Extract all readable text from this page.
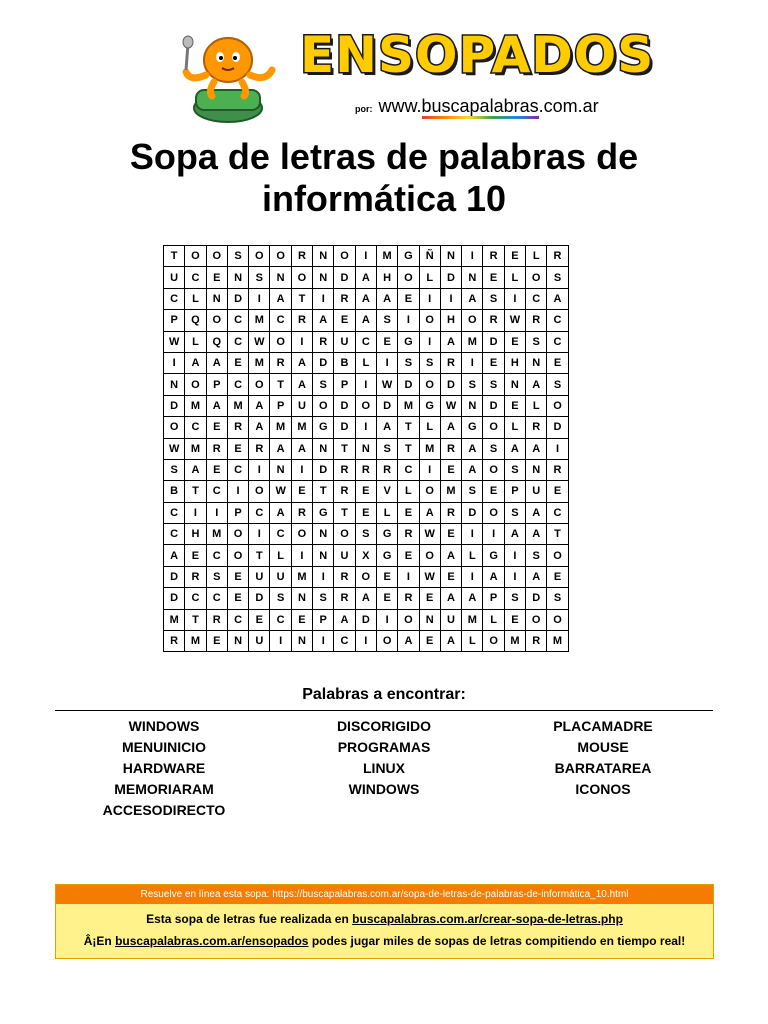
ENSOPADOS
por: www.buscapalabras.com.ar
Sopa de letras de palabras de
informática 10
T	O	O	S	O	O	R	N	O	I	M	G	Ñ	N	I	R	E	L	R
U	C	E	N	S	N	O	N	D	A	H	O	L	D	N	E	L	O	S
C	L	N	D	I	A	T	I	R	A	A	E	I	I	A	S	I	C	A
P	Q	O	C	M	C	R	A	E	A	S	I	O	H	O	R	W	R	C
W	L	Q	C	W	O	I	R	U	C	E	G	I	A	M	D	E	S	C
I	A	A	E	M	R	A	D	B	L	I	S	S	R	I	E	H	N	E
N	O	P	C	O	T	A	S	P	I	W	D	O	D	S	S	N	A	S
D	M	A	M	A	P	U	O	D	O	D	M	G	W	N	D	E	L	O
O	C	E	R	A	M	M	G	D	I	A	T	L	A	G	O	L	R	D
W	M	R	E	R	A	A	N	T	N	S	T	M	R	A	S	A	A	I
S	A	E	C	I	N	I	D	R	R	R	C	I	E	A	O	S	N	R
B	T	C	I	O	W	E	T	R	E	V	L	O	M	S	E	P	U	E
C	I	I	P	C	A	R	G	T	E	L	E	A	R	D	O	S	A	C
C	H	M	O	I	C	O	N	O	S	G	R	W	E	I	I	A	A	T
A	E	C	O	T	L	I	N	U	X	G	E	O	A	L	G	I	S	O
D	R	S	E	U	U	M	I	R	O	E	I	W	E	I	A	I	A	E
D	C	C	E	D	S	N	S	R	A	E	R	E	A	A	P	S	D	S
M	T	R	C	E	C	E	P	A	D	I	O	N	U	M	L	E	O	O
R	M	E	N	U	I	N	I	C	I	O	A	E	A	L	O	M	R	M
Palabras a encontrar:
WINDOWS
MENUINICIO
HARDWARE
MEMORIARAM
ACCESODIRECTO
DISCORIGIDO
PROGRAMAS
LINUX
WINDOWS
PLACAMADRE
MOUSE
BARRATAREA
ICONOS
Resuelve en línea esta sopa: https://buscapalabras.com.ar/sopa-de-letras-de-palabras-de-informática_10.html
Esta sopa de letras fue realizada en buscapalabras.com.ar/crear-sopa-de-letras.php
Â¡En buscapalabras.com.ar/ensopados podes jugar miles de sopas de letras compitiendo en tiempo real!
